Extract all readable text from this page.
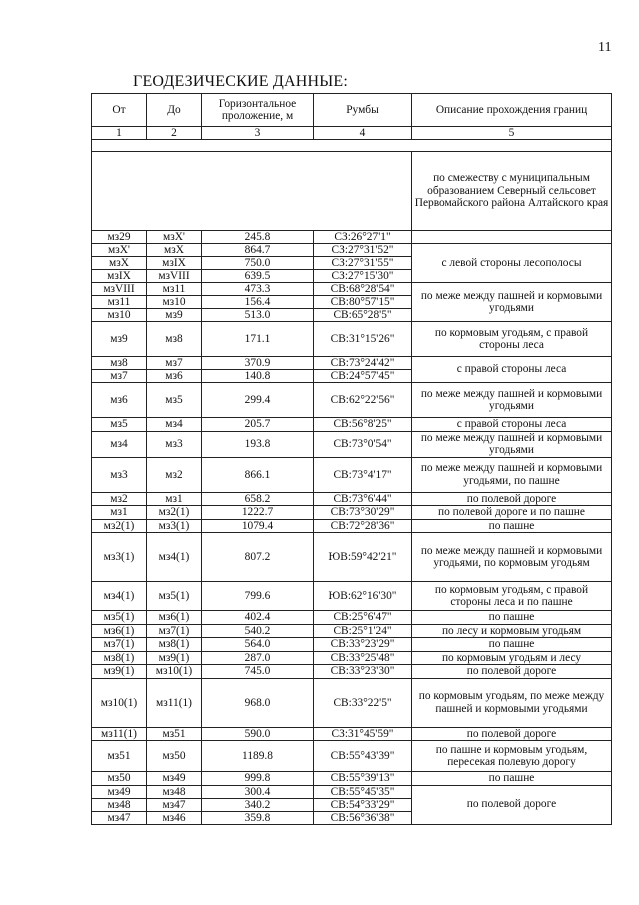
11
ГЕОДЕЗИЧЕСКИЕ ДАННЫЕ:
От	До	Горизонтальное проложение, м	Румбы	Описание прохождения границ
1	2	3	4	5

				по смежеству с муниципальным образованием Северный сельсовет Первомайского района Алтайского края
мз29	мзX'	245.8	СЗ:26°27'1"	
мзX'	мзX	864.7	СЗ:27°31'52"	с левой стороны лесополосы
мзX	мзIX	750.0	СЗ:27°31'55"	
мзIX	мзVIII	639.5	СЗ:27°15'30"	
мзVIII	мз11	473.3	СВ:68°28'54"	по меже между пашней и кормовыми угодьями
мз11	мз10	156.4	СВ:80°57'15"	
мз10	мз9	513.0	СВ:65°28'5"	
мз9	мз8	171.1	СВ:31°15'26"	по кормовым угодьям, с правой стороны леса
мз8	мз7	370.9	СВ:73°24'42"	с правой стороны леса
мз7	мз6	140.8	СВ:24°57'45"	
мз6	мз5	299.4	СВ:62°22'56"	по меже между пашней и кормовыми угодьями
мз5	мз4	205.7	СВ:56°8'25"	с правой стороны леса
мз4	мз3	193.8	СВ:73°0'54"	по меже между пашней и кормовыми угодьями
мз3	мз2	866.1	СВ:73°4'17"	по меже между пашней и кормовыми угодьями, по пашне
мз2	мз1	658.2	СВ:73°6'44"	по полевой дороге
мз1	мз2(1)	1222.7	СВ:73°30'29"	по полевой дороге и по пашне
мз2(1)	мз3(1)	1079.4	СВ:72°28'36"	по пашне
мз3(1)	мз4(1)	807.2	ЮВ:59°42'21"	по меже между пашней и кормовыми угодьями, по кормовым угодьям
мз4(1)	мз5(1)	799.6	ЮВ:62°16'30"	по кормовым угодьям, с правой стороны леса и по пашне
мз5(1)	мз6(1)	402.4	СВ:25°6'47"	по пашне
мз6(1)	мз7(1)	540.2	СВ:25°1'24"	по лесу и кормовым угодьям
мз7(1)	мз8(1)	564.0	СВ:33°23'29"	по пашне
мз8(1)	мз9(1)	287.0	СВ:33°25'48"	по кормовым угодьям и лесу
мз9(1)	мз10(1)	745.0	СВ:33°23'30"	по полевой дороге
мз10(1)	мз11(1)	968.0	СВ:33°22'5"	по кормовым угодьям, по меже между пашней и кормовыми угодьями
мз11(1)	мз51	590.0	СЗ:31°45'59"	по полевой дороге
мз51	мз50	1189.8	СВ:55°43'39"	по пашне и кормовым угодьям, пересекая полевую дорогу
мз50	мз49	999.8	СВ:55°39'13"	по пашне
мз49	мз48	300.4	СВ:55°45'35"	по полевой дороге
мз48	мз47	340.2	СВ:54°33'29"	
мз47	мз46	359.8	СВ:56°36'38"	
